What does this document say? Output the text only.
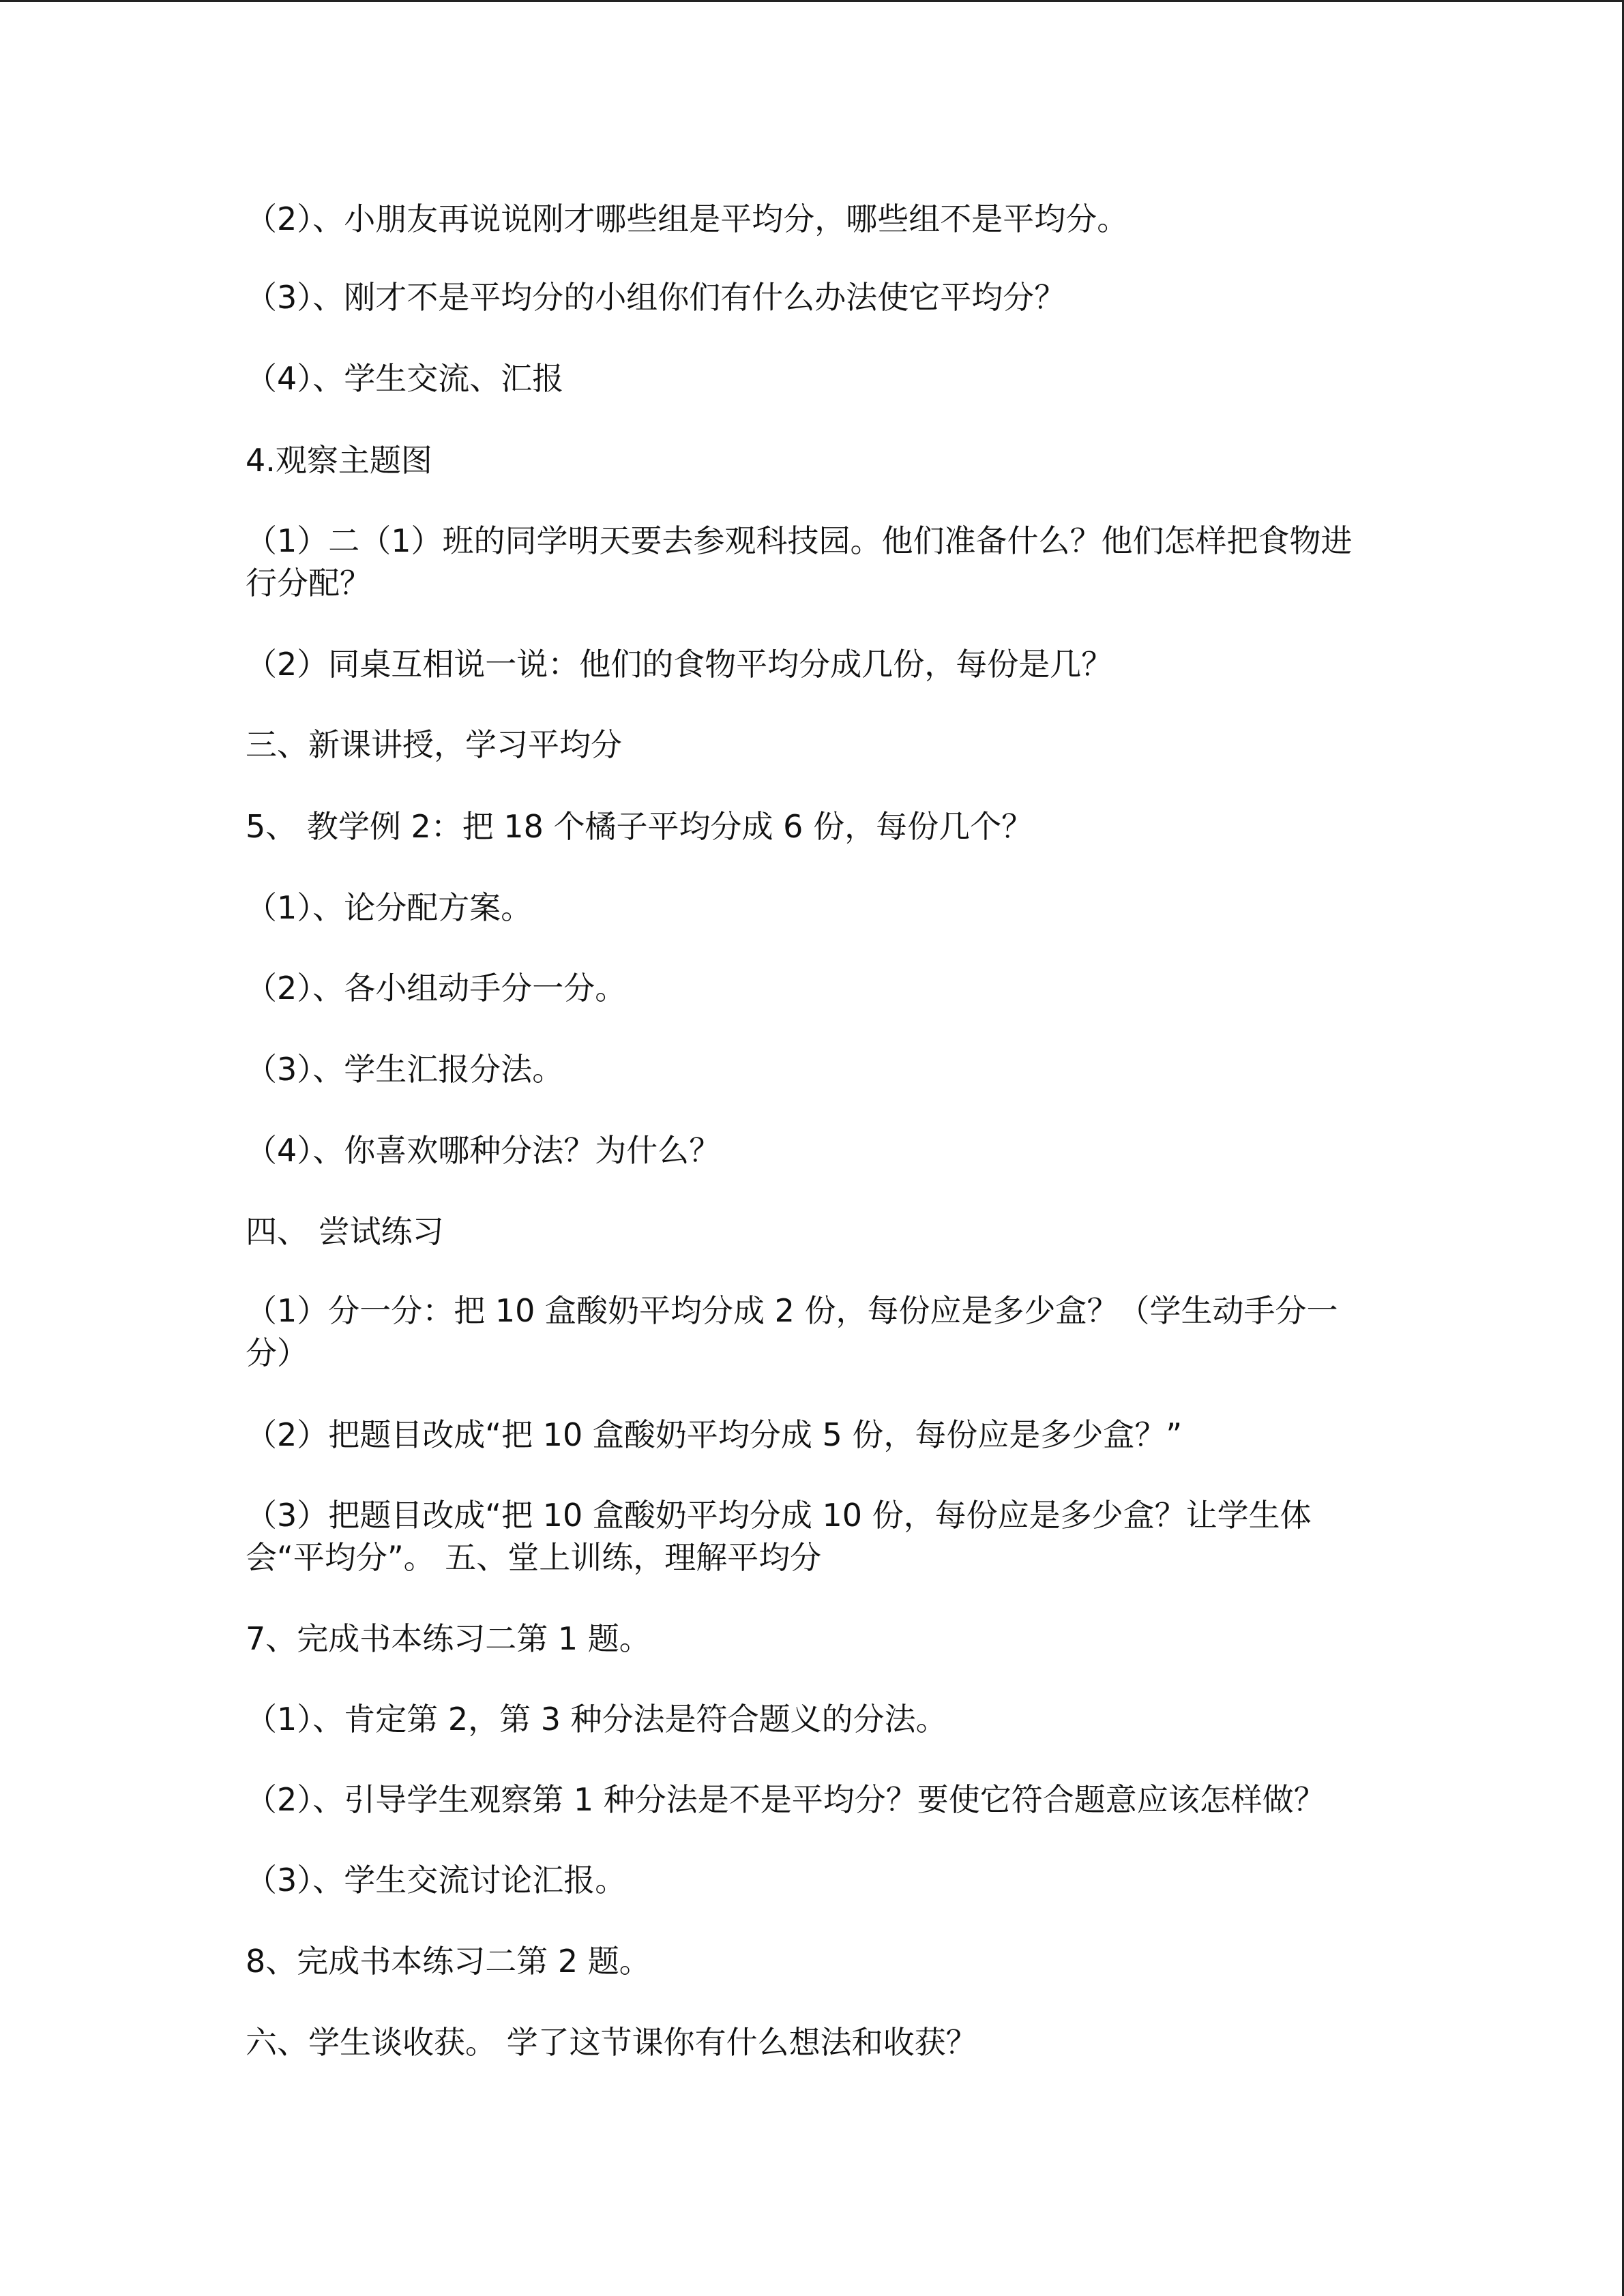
（2）、小朋友再说说刚才哪些组是平均分，哪些组不是平均分。
（3）、刚才不是平均分的小组你们有什么办法使它平均分？
（4）、学生交流、汇报
4.观察主题图
（1）二（1）班的同学明天要去参观科技园。他们准备什么？他们怎样把食物进行分配？
（2）同桌互相说一说：他们的食物平均分成几份，每份是几？
三、新课讲授，学习平均分
5、 教学例 2：把 18 个橘子平均分成 6 份，每份几个？
（1）、论分配方案。
（2）、各小组动手分一分。
（3）、学生汇报分法。
（4）、你喜欢哪种分法？为什么？
四、 尝试练习
（1）分一分：把 10 盒酸奶平均分成 2 份，每份应是多少盒？（学生动手分一分）
（2）把题目改成“把 10 盒酸奶平均分成 5 份，每份应是多少盒？”
（3）把题目改成“把 10 盒酸奶平均分成 10 份，每份应是多少盒？让学生体会“平均分”。 五、堂上训练，理解平均分
7、完成书本练习二第 1 题。
（1）、肯定第 2，第 3 种分法是符合题义的分法。
（2）、引导学生观察第 1 种分法是不是平均分？要使它符合题意应该怎样做？
（3）、学生交流讨论汇报。
8、完成书本练习二第 2 题。
六、学生谈收获。 学了这节课你有什么想法和收获？
